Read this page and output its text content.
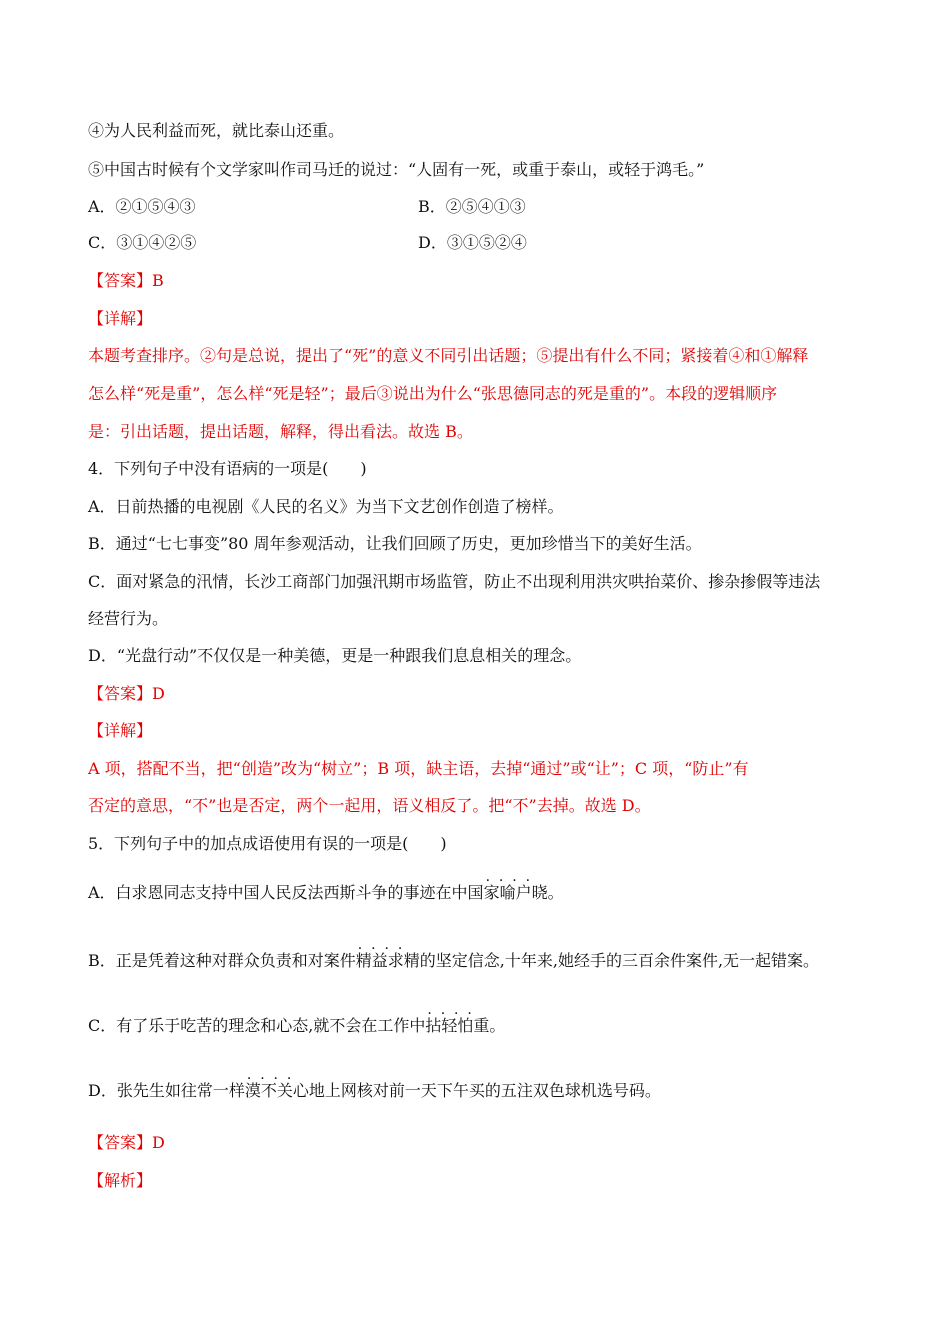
④为人民利益而死，就比泰山还重。
⑤中国古时候有个文学家叫作司马迁的说过：“人固有一死，或重于泰山，或轻于鸿毛。”
A．②①⑤④③	B．②⑤④①③
C．③①④②⑤	D．③①⑤②④
【答案】B
【详解】
本题考查排序。②句是总说，提出了“死”的意义不同引出话题；⑤提出有什么不同；紧接着④和①解释
怎么样“死是重”，怎么样“死是轻”；最后③说出为什么“张思德同志的死是重的”。本段的逻辑顺序
是：引出话题，提出话题，解释，得出看法。故选 B。
4．下列句子中没有语病的一项是(　　)
A．日前热播的电视剧《人民的名义》为当下文艺创作创造了榜样。
B．通过“七七事变”80 周年参观活动，让我们回顾了历史，更加珍惜当下的美好生活。
C．面对紧急的汛情，长沙工商部门加强汛期市场监管，防止不出现利用洪灾哄抬菜价、掺杂掺假等违法
经营行为。
D．“光盘行动”不仅仅是一种美德，更是一种跟我们息息相关的理念。
【答案】D
【详解】
A 项，搭配不当，把“创造”改为“树立”；B 项，缺主语，去掉“通过”或“让”；C 项，“防止”有
否定的意思，“不”也是否定，两个一起用，语义相反了。把“不”去掉。故选 D。
5．下列句子中的加点成语使用有误的一项是(　　)
A．白求恩同志支持中国人民反法西斯斗争的事迹在中国· · 家喻户晓。
B．正是凭着这种对群众负责和对案件· · 精益求精的坚定信念,十年来,她经手的三百余件案件,无一起错案。
C．有了乐于吃苦的理念和心态,就不会在工作中· · 拈轻怕重。
D．张先生如往常一样· · 漠不关心地上网核对前一天下午买的五注双色球机选号码。
【答案】D
【解析】
